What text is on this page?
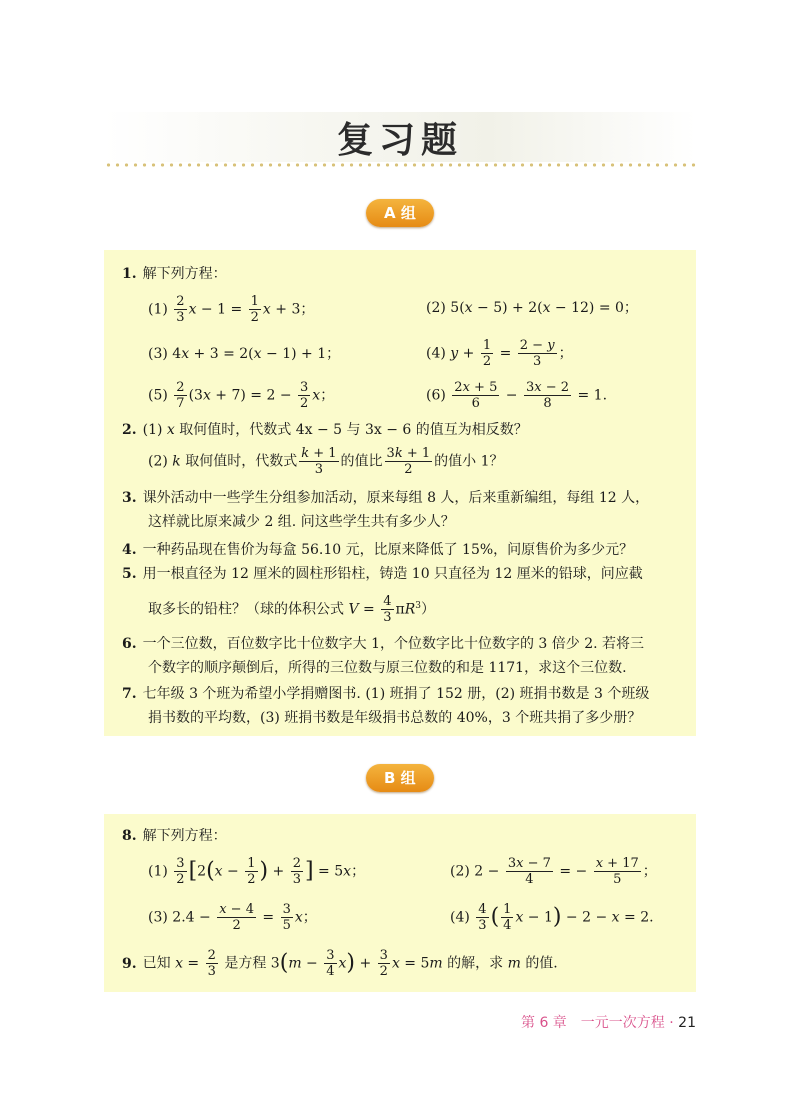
复习题
A 组
1. 解下列方程：
$(1) \frac{2}{3}$ $x - 1 = \frac{1}{2}$ x + 3；	(2) 5(x − 5) + 2(x − 12) = 0；
(3) 4x + 3 = 2(x − 1) + 1；	(4) $y + \frac{1}{2} = \frac{2 - y}{3}$ ；
$(5) \frac{2}{7} (3x + 7) = 2 - \frac{3}{2}$ x；	$(6) \frac{2x + 5}{6} - \frac{3x - 2}{8} = 1$.
2. (1) x 取何值时，代数式 4x − 5 与 3x − 6 的值互为相反数？
(2) k 取何值时，代数式 $\frac{k + 1}{3}$ 的值比 $\frac{3k + 1}{2}$ 的值小 1？
3. 课外活动中一些学生分组参加活动，原来每组 8 人，后来重新编组，每组 12 人，
这样就比原来减少 2 组. 问这些学生共有多少人？
4. 一种药品现在售价为每盒 56.10 元，比原来降低了 15%，问原售价为多少元？
5. 用一根直径为 12 厘米的圆柱形铅柱，铸造 10 只直径为 12 厘米的铅球，问应截
取多长的铅柱？（球的体积公式 $V = \frac{4}{3} \pi R^3$）
6. 一个三位数，百位数字比十位数字大 1，个位数字比十位数字的 3 倍少 2. 若将三
个数字的顺序颠倒后，所得的三位数与原三位数的和是 1171，求这个三位数.
7. 七年级 3 个班为希望小学捐赠图书. (1) 班捐了 152 册，(2) 班捐书数是 3 个班级
捐书数的平均数，(3) 班捐书数是年级捐书总数的 40%，3 个班共捐了多少册？
B 组
8. 解下列方程：
$(1) \frac{3}{2} [2(x - \frac{1}{2}$ ) + $\frac{2}{3}$ ] = 5x；	(2) $2 - \frac{3x - 7}{4}$ = − $\frac{x + 17}{5}$ ；
(3) $2.4 - \frac{x - 4}{2} = \frac{3}{5}$ x；	$(4) \frac{4}{3}$ ( $\frac{1}{4}$ x − 1) − 2 − x = 2.
9. 已知 $x = \frac{2}{3}$ 是方程 $3(m - \frac{3}{4} x) + \frac{3}{2}$ x = 5m 的解，求 m 的值.
第 6 章　一元一次方程 · 21
